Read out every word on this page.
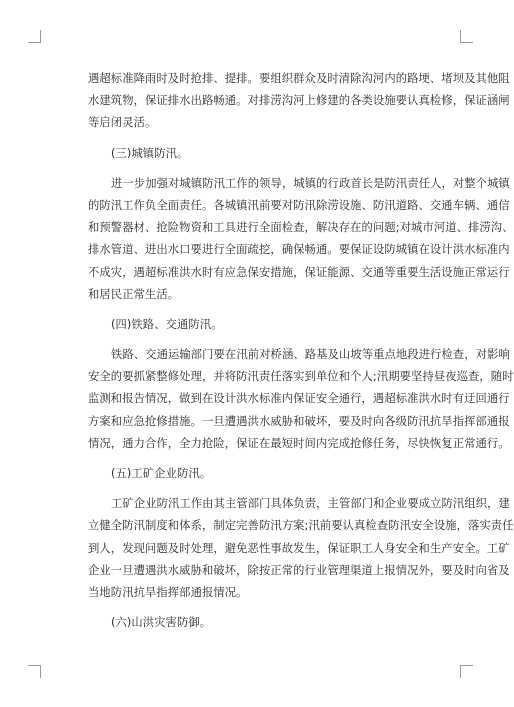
遇超标准降雨时及时抢排、提排。要组织群众及时清除沟河内的路埂、堵坝及其他阻
水建筑物，保证排水出路畅通。对排涝沟河上修建的各类设施要认真检修，保证涵闸
等启闭灵活。
(三)城镇防汛。
进一步加强对城镇防汛工作的领导，城镇的行政首长是防汛责任人，对整个城镇
的防汛工作负全面责任。各城镇汛前要对防汛除涝设施、防汛道路、交通车辆、通信
和预警器材、抢险物资和工具进行全面检查，解决存在的问题;对城市河道、排涝沟、
排水管道、进出水口要进行全面疏挖，确保畅通。要保证设防城镇在设计洪水标准内
不成灾，遇超标准洪水时有应急保安措施，保证能源、交通等重要生活设施正常运行
和居民正常生活。
(四)铁路、交通防汛。
铁路、交通运输部门要在汛前对桥涵、路基及山坡等重点地段进行检查，对影响
安全的要抓紧整修处理，并将防汛责任落实到单位和个人;汛期要坚持昼夜巡查，随时
监测和报告情况，做到在设计洪水标准内保证安全通行，遇超标准洪水时有迂回通行
方案和应急抢修措施。一旦遭遇洪水威胁和破坏，要及时向各级防汛抗旱指挥部通报
情况，通力合作，全力抢险，保证在最短时间内完成抢修任务，尽快恢复正常通行。
(五)工矿企业防汛。
工矿企业防汛工作由其主管部门具体负责，主管部门和企业要成立防汛组织，建
立健全防汛制度和体系，制定完善防汛方案;汛前要认真检查防汛安全设施，落实责任
到人，发现问题及时处理，避免恶性事故发生，保证职工人身安全和生产安全。工矿
企业一旦遭遇洪水威胁和破坏，除按正常的行业管理渠道上报情况外，要及时向省及
当地防汛抗旱指挥部通报情况。
(六)山洪灾害防御。
